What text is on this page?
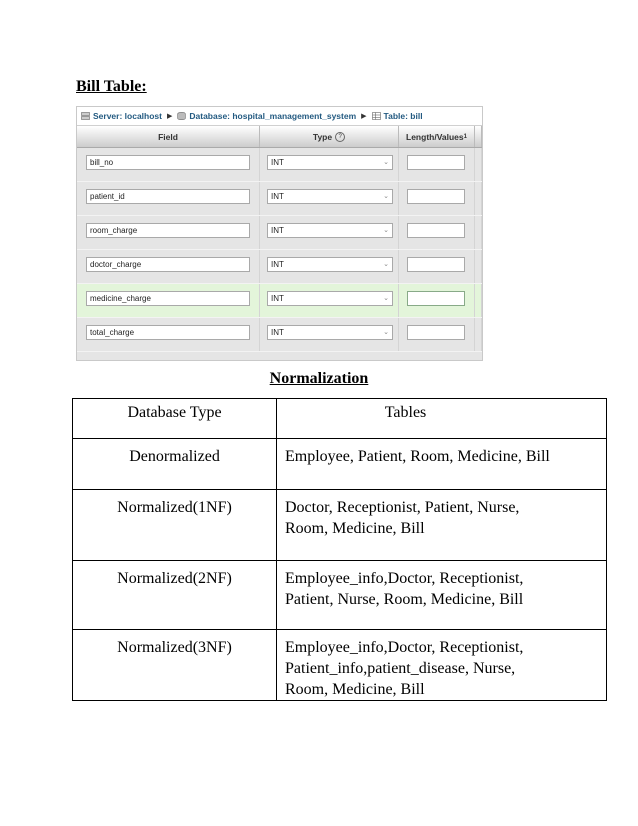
Bill Table:
Server: localhost ▶ Database: hospital_management_system ▶ Table: bill
Field	Type	?	Length/Values 1
bill_no	INT	⌄
patient_id	INT	⌄
room_charge	INT	⌄
doctor_charge	INT	⌄
medicine_charge	INT	⌄
total_charge	INT	⌄
Normalization
Database Type	Tables
Denormalized	Employee, Patient, Room, Medicine, Bill

Normalized(1NF)	Doctor, Receptionist, Patient, Nurse,
Room, Medicine, Bill

Normalized(2NF)	Employee_info,Doctor, Receptionist,
Patient, Nurse, Room, Medicine, Bill

Normalized(3NF)	Employee_info,Doctor, Receptionist,
Patient_info,patient_disease, Nurse,
Room, Medicine, Bill
